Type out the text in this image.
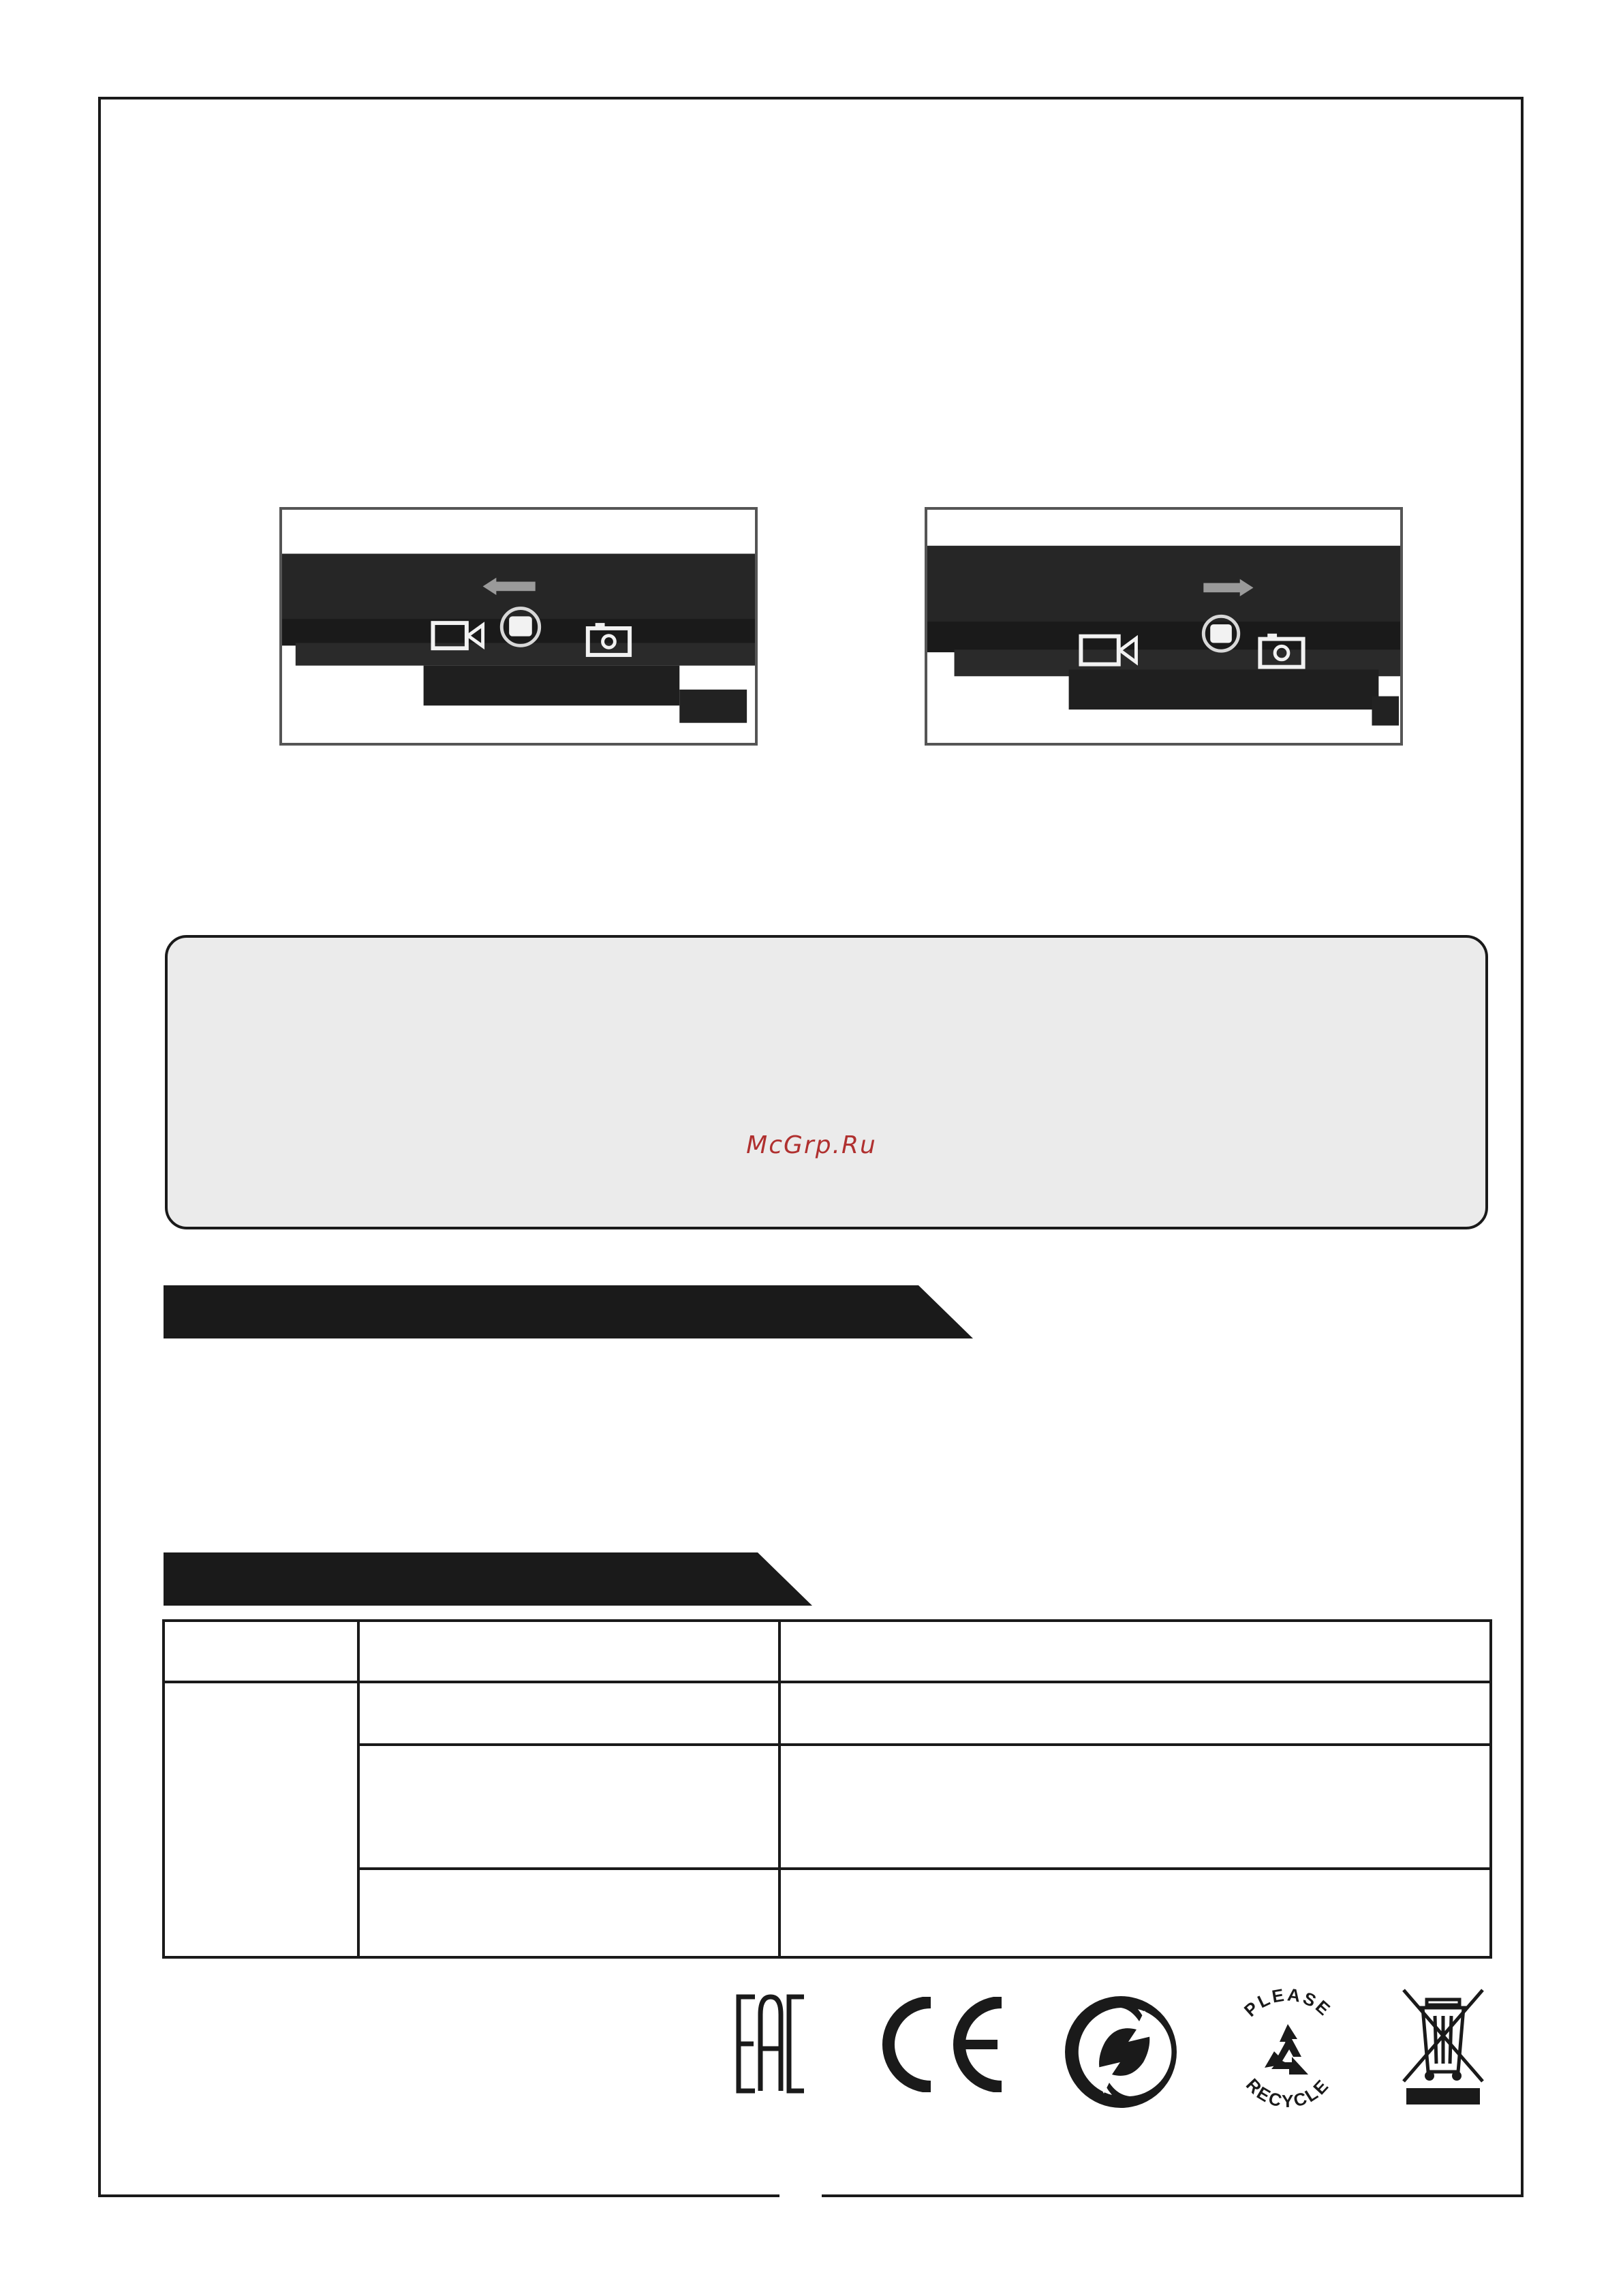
McGrp.Ru

PLEASE
RECYCLE
